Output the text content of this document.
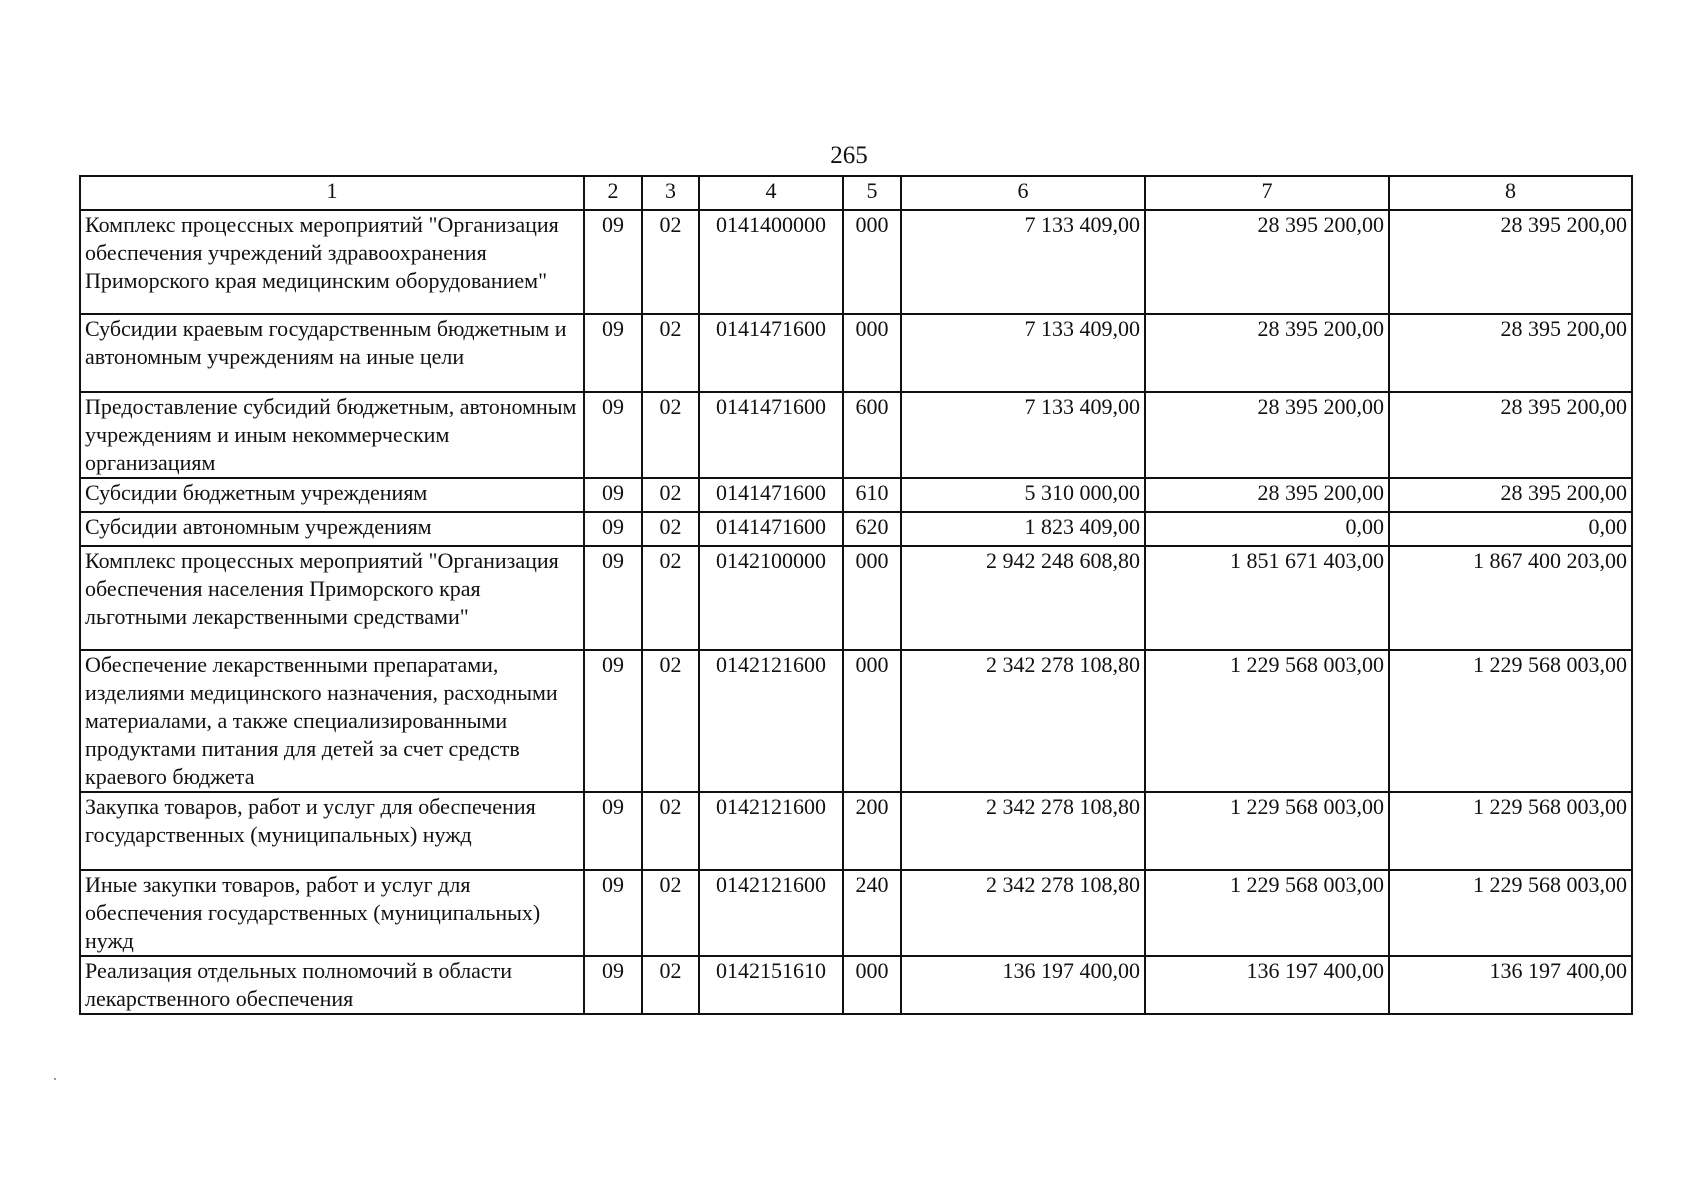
265
1	2	3	4	5	6	7	8
Комплекс процессных мероприятий "Организация обеспечения учреждений здравоохранения Приморского края медицинским оборудованием"	09	02	0141400000	000	7 133 409,00	28 395 200,00	28 395 200,00
Субсидии краевым государственным бюджетным и автономным учреждениям на иные цели	09	02	0141471600	000	7 133 409,00	28 395 200,00	28 395 200,00
Предоставление субсидий бюджетным, автономным учреждениям и иным некоммерческим организациям	09	02	0141471600	600	7 133 409,00	28 395 200,00	28 395 200,00
Субсидии бюджетным учреждениям	09	02	0141471600	610	5 310 000,00	28 395 200,00	28 395 200,00
Субсидии автономным учреждениям	09	02	0141471600	620	1 823 409,00	0,00	0,00
Комплекс процессных мероприятий "Организация обеспечения населения Приморского края льготными лекарственными средствами"	09	02	0142100000	000	2 942 248 608,80	1 851 671 403,00	1 867 400 203,00
Обеспечение лекарственными препаратами, изделиями медицинского назначения, расходными материалами, а также специализированными продуктами питания для детей за счет средств краевого бюджета	09	02	0142121600	000	2 342 278 108,80	1 229 568 003,00	1 229 568 003,00
Закупка товаров, работ и услуг для обеспечения государственных (муниципальных) нужд	09	02	0142121600	200	2 342 278 108,80	1 229 568 003,00	1 229 568 003,00
Иные закупки товаров, работ и услуг для обеспечения государственных (муниципальных) нужд	09	02	0142121600	240	2 342 278 108,80	1 229 568 003,00	1 229 568 003,00
Реализация отдельных полномочий в области лекарственного обеспечения	09	02	0142151610	000	136 197 400,00	136 197 400,00	136 197 400,00
